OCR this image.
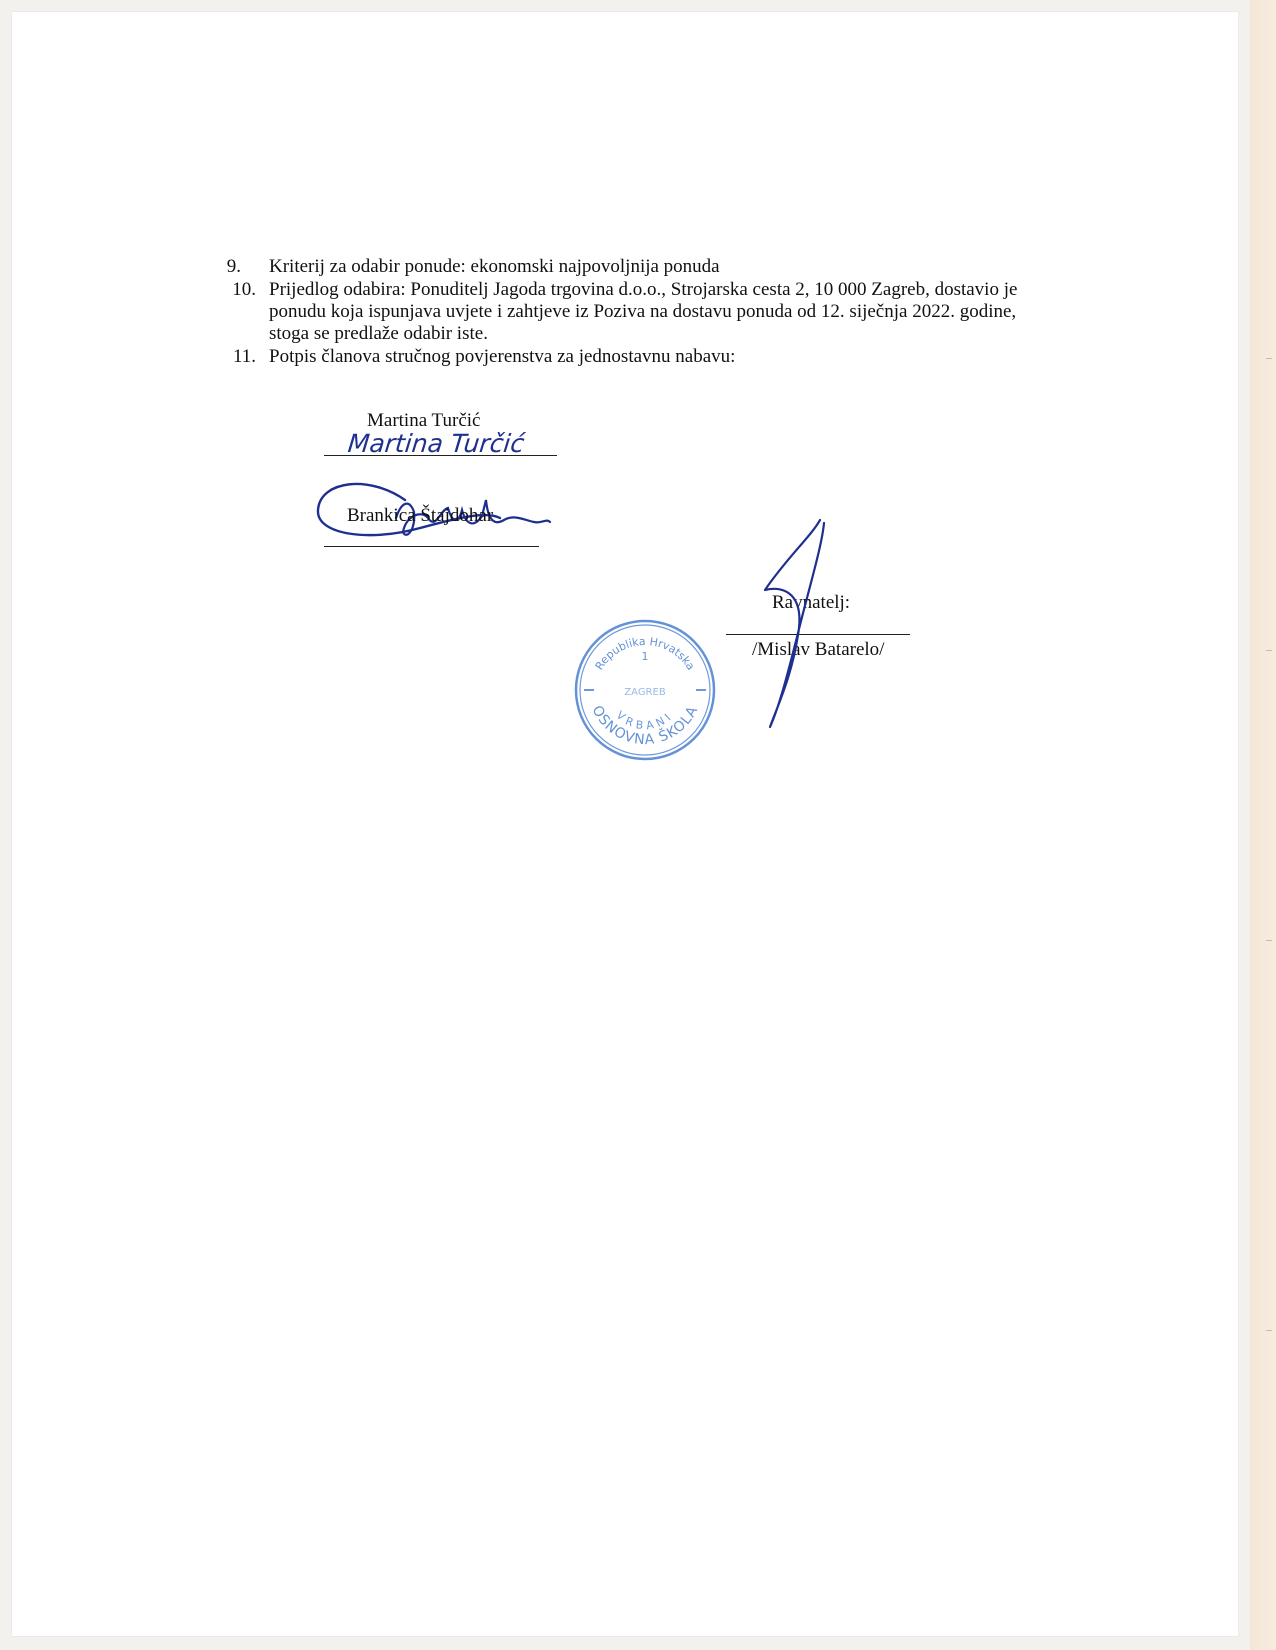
9. Kriterij za odabir ponude: ekonomski najpovoljnija ponuda

10. Prijedlog odabira: Ponuditelj Jagoda trgovina d.o.o., Strojarska cesta 2, 10 000 Zagreb, dostavio je ponudu koja ispunjava uvjete i zahtjeve iz Poziva na dostavu ponuda od 12. siječnja 2022. godine, stoga se predlaže odabir iste.

11. Potpis članova stručnog povjerenstva za jednostavnu nabavu:

Martina Turčić
Martina Turčić
Brankica Štajdohar
Ravnatelj:
/Mislav Batarelo/
Republika Hrvatska
OSNOVNA ŠKOLA
VRBANI
1
ZAGREB
